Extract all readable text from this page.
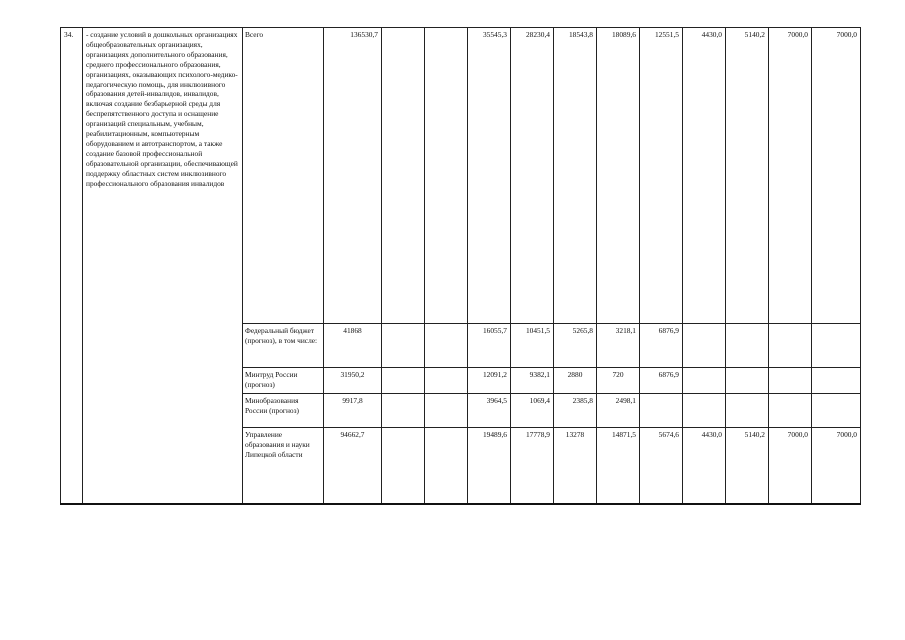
34.	- создание условий в дошкольных организациях общеобразовательных организациях, организациях дополнительного образования, среднего профессионального образования, организациях, оказывающих психолого-медико-педагогическую помощь, для инклюзивного образования детей-инвалидов, инвалидов, включая создание безбарьерной среды для беспрепятственного доступа и оснащение организаций специальным, учебным, реабилитационным, компьютерным оборудованием и автотранспортом, а также создание базовой профессиональной образовательной организации, обеспечивающей поддержку областных систем инклюзивного профессионального образования инвалидов	Всего	136530,7			35545,3	28230,4	18543,8	18089,6	12551,5	4430,0	5140,2	7000,0	7000,0
		Федеральный бюджет (прогноз), в том числе:	41868			16055,7	10451,5	5265,8	3218,1	6876,9				
		Минтруд России (прогноз)	31950,2			12091,2	9382,1	2880	720	6876,9				
		Минобразования России (прогноз)	9917,8			3964,5	1069,4	2385,8	2498,1					
		Управление образования и науки Липецкой области	94662,7			19489,6	17778,9	13278	14871,5	5674,6	4430,0	5140,2	7000,0	7000,0
